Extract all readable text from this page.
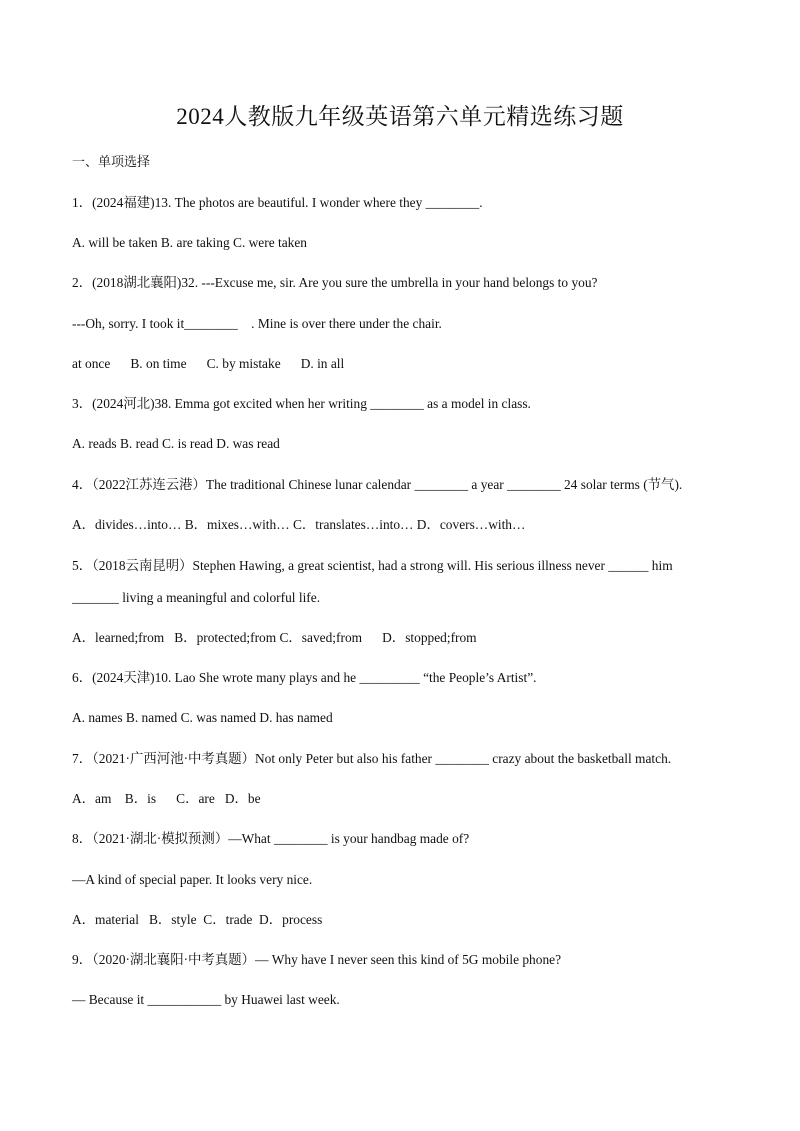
2024人教版九年级英语第六单元精选练习题
一、单项选择
1．(2024福建)13. The photos are beautiful. I wonder where they ________.
A. will be taken B. are taking C. were taken
2．(2018湖北襄阳)32. ---Excuse me, sir. Are you sure the umbrella in your hand belongs to you?
---Oh, sorry. I took it________    . Mine is over there under the chair.
at once      B. on time      C. by mistake      D. in all
3．(2024河北)38. Emma got excited when her writing ________ as a model in class.
A. reads B. read C. is read D. was read
4．（2022江苏连云港）The traditional Chinese lunar calendar ________ a year ________ 24 solar terms (节气).
A．divides…into… B．mixes…with… C．translates…into… D．covers…with…
5．（2018云南昆明）Stephen Hawing, a great scientist, had a strong will. His serious illness never ______ him
_______ living a meaningful and colorful life.
A．learned;from   B．protected;from C．saved;from      D．stopped;from
6．(2024天津)10. Lao She wrote many plays and he _________ “the People’s Artist”.
A. names B. named C. was named D. has named
7．（2021·广西河池·中考真题）Not only Peter but also his father ________ crazy about the basketball match.
A．am    B．is      C．are   D．be
8．（2021·湖北·模拟预测）—What ________ is your handbag made of?
—A kind of special paper. It looks very nice.
A．material   B．style  C．trade  D．process
9．（2020·湖北襄阳·中考真题）— Why have I never seen this kind of 5G mobile phone?
— Because it ___________ by Huawei last week.
